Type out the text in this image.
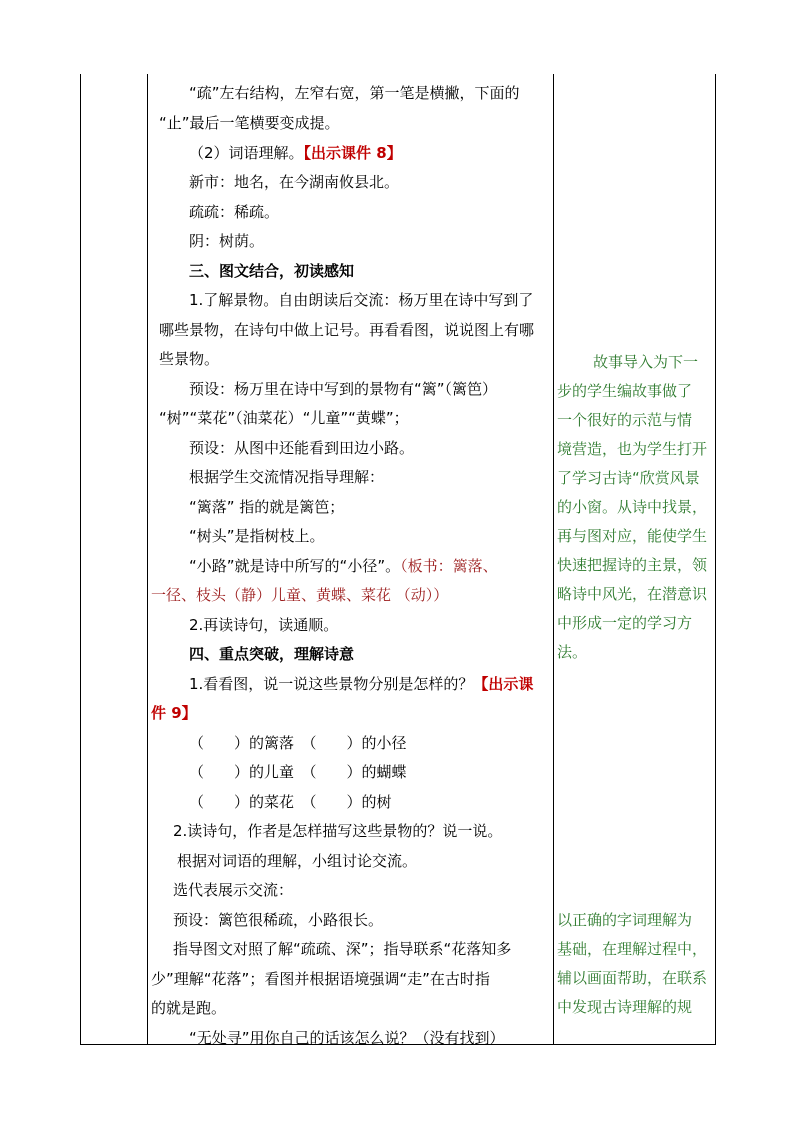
“疏”左右结构，左窄右宽，第一笔是横撇，下面的
“止”最后一笔横要变成提。
（2）词语理解。【出示课件 8】
新市：地名，在今湖南攸县北。
疏疏：稀疏。
阴：树荫。
三、图文结合，初读感知
1.了解景物。自由朗读后交流：杨万里在诗中写到了
哪些景物，在诗句中做上记号。再看看图，说说图上有哪
些景物。
预设：杨万里在诗中写到的景物有“篱”（篱笆）
“树”“菜花”（油菜花）“儿童”“黄蝶”；
预设：从图中还能看到田边小路。
根据学生交流情况指导理解：
“篱落” 指的就是篱笆；
“树头”是指树枝上。
“小路”就是诗中所写的“小径”。（板书：篱落、
一径、枝头（静）儿童、黄蝶、菜花 （动））
2.再读诗句，读通顺。
四、重点突破，理解诗意
1.看看图，说一说这些景物分别是怎样的？【出示课
件 9】
（　　）的篱落　（　　）的小径
（　　）的儿童　（　　）的蝴蝶
（　　）的菜花　（　　）的树
2.读诗句，作者是怎样描写这些景物的？说一说。
根据对词语的理解，小组讨论交流。
选代表展示交流：
预设：篱笆很稀疏，小路很长。
指导图文对照了解“疏疏、深”；指导联系“花落知多
少”理解“花落”；看图并根据语境强调“走”在古时指
的就是跑。
“无处寻”用你自己的话该怎么说？（没有找到）
故事导入为下一
步的学生编故事做了
一个很好的示范与情
境营造，也为学生打开
了学习古诗“欣赏风景
的小窗。从诗中找景，
再与图对应，能使学生
快速把握诗的主景，领
略诗中风光，在潜意识
中形成一定的学习方
法。
以正确的字词理解为
基础，在理解过程中，
辅以画面帮助，在联系
中发现古诗理解的规
